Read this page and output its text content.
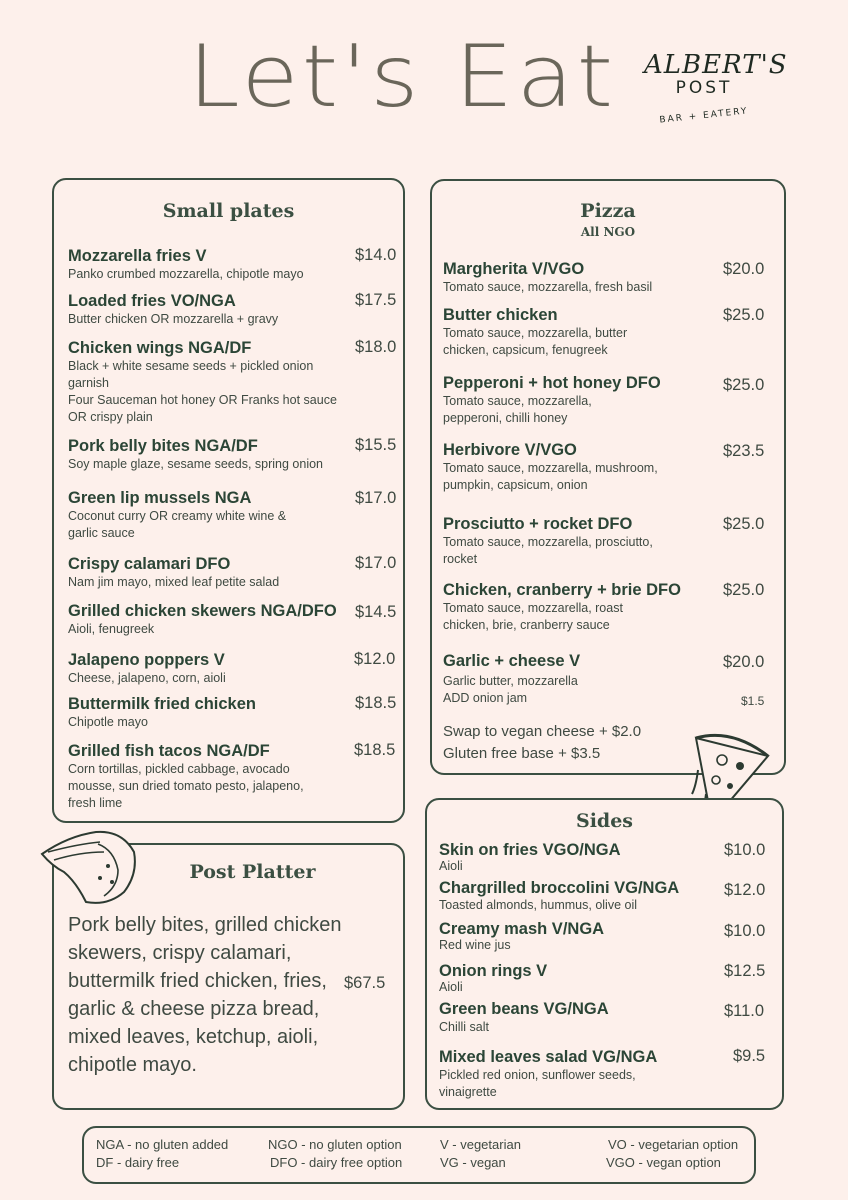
Let's Eat ALBERT'S
POST
BAR + EATERY
Small plates
Mozzarella fries V
Panko crumbed mozzarella, chipotle mayo
$14.0
Loaded fries VO/NGA
Butter chicken OR mozzarella + gravy
$17.5
Chicken wings NGA/DF
Black + white sesame seeds + pickled onion garnish
Four Sauceman hot honey OR Franks hot sauce OR crispy plain
$18.0
Pork belly bites NGA/DF
Soy maple glaze, sesame seeds, spring onion
$15.5
Green lip mussels NGA
Coconut curry OR creamy white wine & garlic sauce
$17.0
Crispy calamari DFO
Nam jim mayo, mixed leaf petite salad
$17.0
Grilled chicken skewers NGA/DFO
Aioli, fenugreek
$14.5
Jalapeno poppers V
Cheese, jalapeno, corn, aioli
$12.0
Buttermilk fried chicken
Chipotle mayo
$18.5
Grilled fish tacos NGA/DF
Corn tortillas, pickled cabbage, avocado mousse, sun dried tomato pesto, jalapeno, fresh lime
$18.5
Pizza
All NGO
Margherita V/VGO
Tomato sauce, mozzarella, fresh basil
$20.0
Butter chicken
Tomato sauce, mozzarella, butter chicken, capsicum, fenugreek
$25.0
Pepperoni + hot honey DFO
Tomato sauce, mozzarella, pepperoni, chilli honey
$25.0
Herbivore V/VGO
Tomato sauce, mozzarella, mushroom, pumpkin, capsicum, onion
$23.5
Prosciutto + rocket DFO
Tomato sauce, mozzarella, prosciutto, rocket
$25.0
Chicken, cranberry + brie DFO
Tomato sauce, mozzarella, roast chicken, brie, cranberry sauce
$25.0
Garlic + cheese V
Garlic butter, mozzarella
ADD onion jam
$20.0
$1.5
Swap to vegan cheese + $2.0
Gluten free base + $3.5
Post Platter
Pork belly bites, grilled chicken skewers, crispy calamari, buttermilk fried chicken, fries, garlic & cheese pizza bread, mixed leaves, ketchup, aioli, chipotle mayo.
$67.5
Sides
Skin on fries VGO/NGA
Aioli
$10.0
Chargrilled broccolini VG/NGA
Toasted almonds, hummus, olive oil
$12.0
Creamy mash V/NGA
Red wine jus
$10.0
Onion rings V
Aioli
$12.5
Green beans VG/NGA
Chilli salt
$11.0
Mixed leaves salad VG/NGA
Pickled red onion, sunflower seeds, vinaigrette
$9.5
NGA - no gluten added
DF - dairy free
NGO - no gluten option
DFO - dairy free option
V - vegetarian
VG - vegan
VO - vegetarian option
VGO - vegan option
